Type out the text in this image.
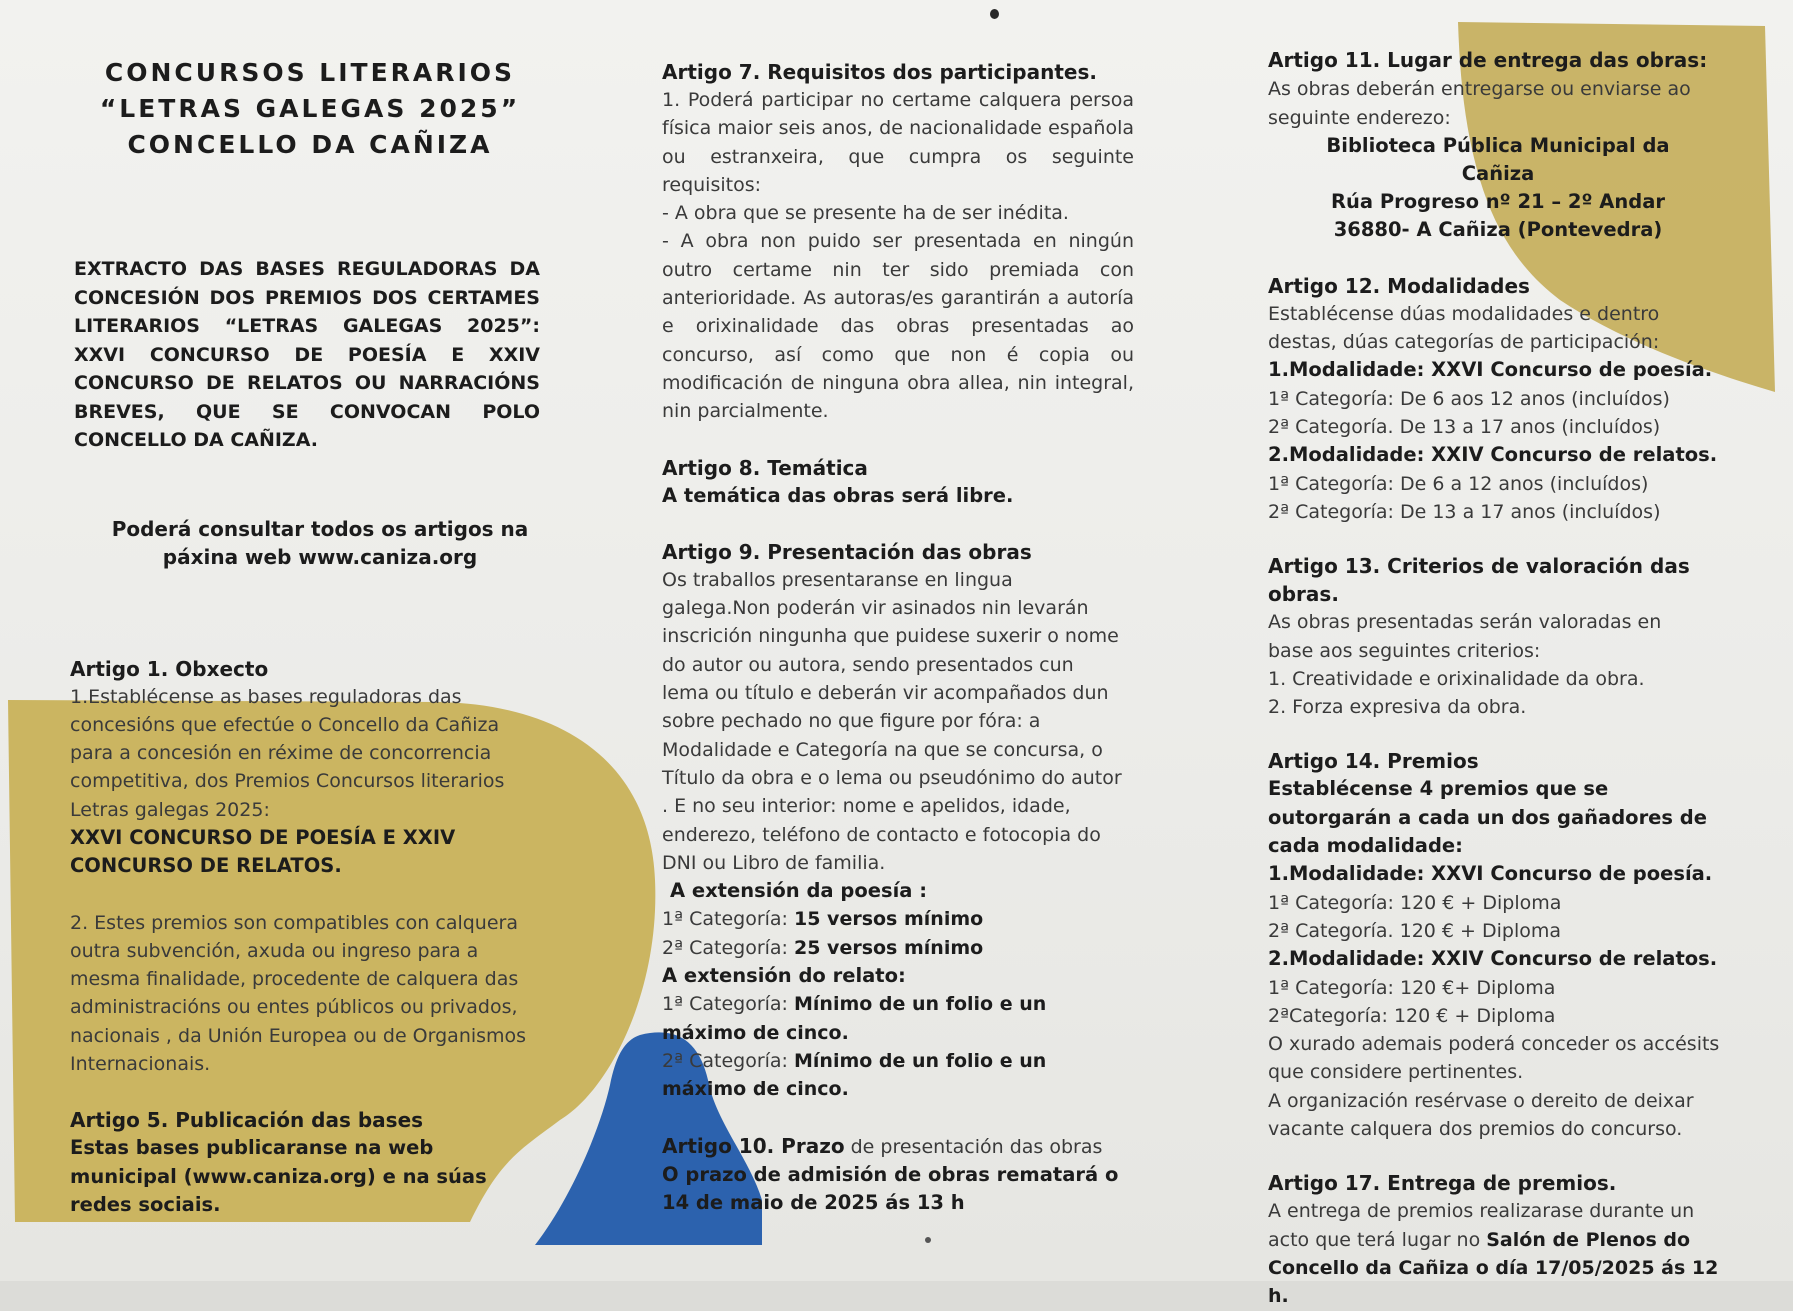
CONCURSOS LITERARIOS
“LETRAS GALEGAS 2025”
CONCELLO DA CAÑIZA

EXTRACTO DAS BASES REGULADORAS DA CONCESIÓN DOS PREMIOS DOS CERTAMES LITERARIOS “LETRAS GALEGAS 2025”: XXVI CONCURSO DE POESÍA E XXIV CONCURSO DE RELATOS OU NARRACIÓNS BREVES, QUE SE CONVOCAN POLO CONCELLO DA CAÑIZA.

Poderá consultar todos os artigos na
páxina web www.caniza.org

Artigo 1. Obxecto

1.Establécense as bases reguladoras das concesións que efectúe o Concello da Cañiza para a concesión en réxime de concorrencia competitiva, dos Premios Concursos literarios Letras galegas 2025:

XXVI CONCURSO DE POESÍA E XXIV CONCURSO DE RELATOS.

2. Estes premios son compatibles con calquera outra subvención, axuda ou ingreso para a mesma finalidade, procedente de calquera das administracións ou entes públicos ou privados, nacionais , da Unión Europea ou de Organismos Internacionais.

Artigo 5. Publicación das bases

Estas bases publicaranse na web municipal (www.caniza.org) e na súas redes sociais.

Artigo 7. Requisitos dos participantes.

1. Poderá participar no certame calquera persoa física maior seis anos, de nacionalidade española ou estranxeira, que cumpra os seguinte requisitos:

- A obra que se presente ha de ser inédita.

- A obra non puido ser presentada en ningún outro certame nin ter sido premiada con anterioridade. As autoras/es garantirán a autoría e orixinalidade das obras presentadas ao concurso, así como que non é copia ou modificación de ninguna obra allea, nin integral, nin parcialmente.

Artigo 8. Temática

A temática das obras será libre.

Artigo 9. Presentación das obras

Os traballos presentaranse en lingua galega.Non poderán vir asinados nin levarán inscrición ningunha que puidese suxerir o nome do autor ou autora, sendo presentados cun lema ou título e deberán vir acompañados dun sobre pechado no que figure por fóra: a Modalidade e Categoría na que se concursa, o Título da obra e o lema ou pseudónimo do autor . E no seu interior: nome e apelidos, idade, enderezo, teléfono de contacto e fotocopia do DNI ou Libro de familia.

A extensión da poesía :

1ª Categoría: 15 versos mínimo

2ª Categoría: 25 versos mínimo

A extensión do relato:

1ª Categoría: Mínimo de un folio e un máximo de cinco.

2ª Categoría: Mínimo de un folio e un máximo de cinco.

Artigo 10. Prazo de presentación das obras

O prazo de admisión de obras rematará o 14 de maio de 2025 ás 13 h

Artigo 11. Lugar de entrega das obras: As obras deberán entregarse ou enviarse ao seguinte enderezo:

Biblioteca Pública Municipal da Cañiza
Rúa Progreso nº 21 – 2º Andar
36880- A Cañiza (Pontevedra)

Artigo 12. Modalidades

Establécense dúas modalidades e dentro destas, dúas categorías de participación:

1.Modalidade: XXVI Concurso de poesía.

1ª Categoría: De 6 aos 12 anos (incluídos)

2ª Categoría. De 13 a 17 anos (incluídos)

2.Modalidade: XXIV Concurso de relatos.

1ª Categoría: De 6 a 12 anos (incluídos)

2ª Categoría: De 13 a 17 anos (incluídos)

Artigo 13. Criterios de valoración das obras.

As obras presentadas serán valoradas en base aos seguintes criterios:

1. Creatividade e orixinalidade da obra.

2. Forza expresiva da obra.

Artigo 14. Premios

Establécense 4 premios que se outorgarán a cada un dos gañadores de cada modalidade:

1.Modalidade: XXVI Concurso de poesía.

1ª Categoría: 120 € + Diploma

2ª Categoría. 120 € + Diploma

2.Modalidade: XXIV Concurso de relatos.

1ª Categoría: 120 €+ Diploma

2ªCategoría: 120 € + Diploma

O xurado ademais poderá conceder os accésits que considere pertinentes.

A organización resérvase o dereito de deixar vacante calquera dos premios do concurso.

Artigo 17. Entrega de premios.

A entrega de premios realizarase durante un acto que terá lugar no Salón de Plenos do Concello da Cañiza o día 17/05/2025 ás 12 h.
